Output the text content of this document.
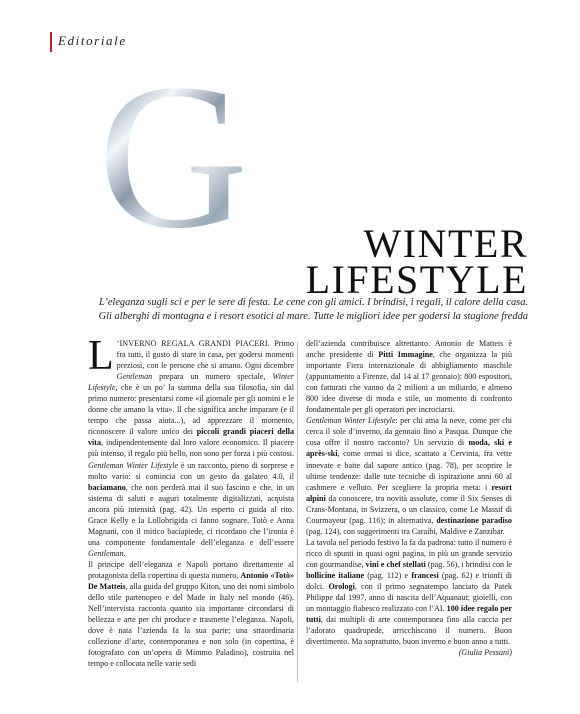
Editoriale
G	WINTER
LIFESTYLE
L’eleganza sugli sci e per le sere di festa. Le cene con gli amici. I brindisi, i regali, il calore della casa.
Gli alberghi di montagna e i resort esotici al mare. Tutte le migliori idee per godersi la stagione fredda

L ’INVERNO REGALA GRANDI PIACERI. Primo fra tutti, il gusto di stare in casa, per godersi momenti preziosi, con le persone che si amano. Ogni dicembre Gentleman prepara un numero speciale, Winter Lifestyle, che è un po’ la summa della sua filosofia, sin dal primo numero: presentarsi come «il giornale per gli uomini e le donne che amano la vita». Il che significa anche imparare (e il tempo che passa aiuta...), ad apprezzare il momento, riconoscere il valore unico dei piccoli grandi piaceri della vita, indipendentemente dal loro valore economico. Il piacere più intenso, il regalo più bello, non sono per forza i più costosi. Gentleman Winter Lifestyle è un racconto, pieno di sorprese e molto vario: si comincia con un gesto da galateo 4.0, il baciamano, che non perderà mai il suo fascino e che, in un sistema di saluti e auguri totalmente digitalizzati, acquista ancora più intensità (pag. 42). Un esperto ci guida al rito. Grace Kelly e la Lollobrigida ci fanno sognare. Totò e Anna Magnani, con il mitico baciapiede, ci ricordano che l’ironia è una componente fondamentale dell’eleganza e dell’essere Gentleman.

Il principe dell’eleganza e Napoli portano direttamente al protagonista della copertina di questa numero, Antonio «Totò» De Matteis, alla guida del gruppo Kiton, uno dei nomi simbolo dello stile partenopeo e del Made in Italy nel mondo (46). Nell’intervista racconta quanto sia importante circondarsi di bellezza e arte per chi produce e trasmette l’eleganza. Napoli, dove è nata l’azienda fa la sua parte; una straordinaria collezione d’arte, contemporanea e non solo (in copertina, è fotografato con un’opera di Mimmo Paladino), costruita nel tempo e collocata nelle varie sedi

dell’azienda contribuisce altrettanto. Antonio de Matteis è anche presidente di Pitti Immagine, che organizza la più importante Fiera internazionale di abbigliamento maschile (appuntamento a Firenze, dal 14 al 17 gennaio): 800 espositori, con fatturati che vanno da 2 milioni a un miliardo, e almeno 800 idee diverse di moda e stile, un momento di confronto fondamentale per gli operatori per incrociarsi.

Gentleman Winter Lifestyle: per chi ama la neve, come per chi cerca il sole d’inverno, da gennaio fino a Pasqua. Dunque che cosa offre il nostro racconto? Un servizio di moda, ski e après-ski, come ormai si dice, scattato a Cervinia, fra vette innevate e baite dal sapore antico (pag. 78), per scoprire le ultime tendenze: dalle tute tecniche di ispirazione anni 60 al cashmere e velluto. Per scegliere la propria meta: i resort alpini da conoscere, tra novità assolute, come il Six Senses di Crans-Montana, in Svizzera, o un classico, come Le Massif di Courmayeur (pag. 116); in alternativa, destinazione paradiso (pag. 124), con suggerimenti tra Caraibi, Maldive e Zanzibar.

La tavola nel periodo festivo la fa da padrona: tutto il numero è ricco di spunti in quasi ogni pagina, in più un grande servizio con gourmandise, vini e chef stellati (pag. 56), i brindisi con le bollicine italiane (pag. 112) e francesi (pag. 62) e trionfi di dolci. Orologi, con il primo segnatempo lanciato da Patek Philippe dal 1997, anno di nascita dell’Aquanaut; gioielli, con un montaggio fiabesco realizzato con l’AI. 100 idee regalo per tutti, dai multipli di arte contemporanea fino alla caccia per l’adorato quadrupede, arricchiscono il numero. Buon divertimento. Ma soprattutto, buon inverno e buon anno a tutti.
(Giulia Pessani)
